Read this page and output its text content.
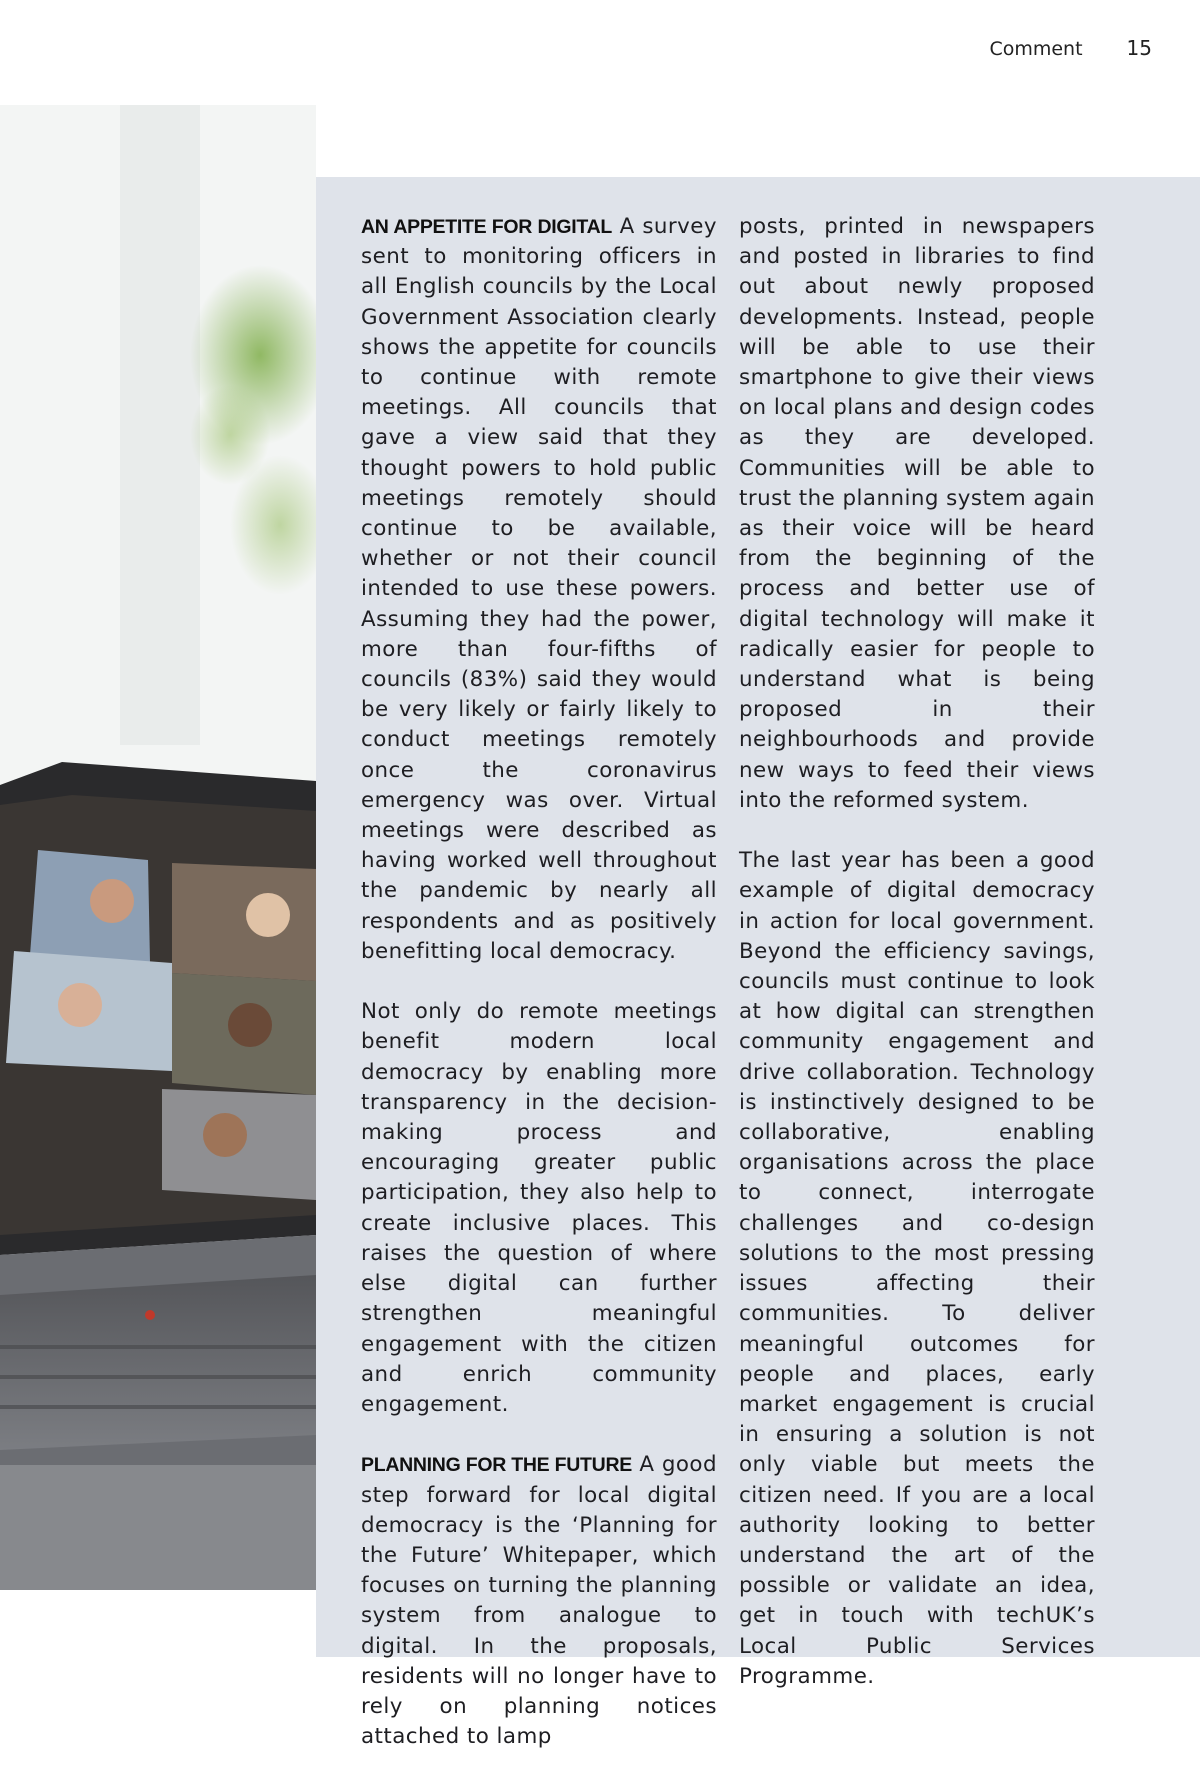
Comment 15

AN APPETITE FOR DIGITAL A survey sent to monitoring officers in all English councils by the Local Government Association clearly shows the appetite for councils to continue with remote meetings. All councils that gave a view said that they thought powers to hold public meetings remotely should continue to be available, whether or not their council intended to use these powers. Assuming they had the power, more than four-fifths of councils (83%) said they would be very likely or fairly likely to conduct meetings remotely once the coronavirus emergency was over. Virtual meetings were described as having worked well throughout the pandemic by nearly all respondents and as positively benefitting local democracy.

Not only do remote meetings benefit modern local democracy by enabling more transparency in the decision-making process and encouraging greater public participation, they also help to create inclusive places. This raises the question of where else digital can further strengthen meaningful engagement with the citizen and enrich community engagement.

PLANNING FOR THE FUTURE A good step forward for local digital democracy is the ‘Planning for the Future’ Whitepaper, which focuses on turning the planning system from analogue to digital. In the proposals, residents will no longer have to rely on planning notices attached to lamp

posts, printed in newspapers and posted in libraries to find out about newly proposed developments. Instead, people will be able to use their smartphone to give their views on local plans and design codes as they are developed. Communities will be able to trust the planning system again as their voice will be heard from the beginning of the process and better use of digital technology will make it radically easier for people to understand what is being proposed in their neighbourhoods and provide new ways to feed their views into the reformed system.

The last year has been a good example of digital democracy in action for local government. Beyond the efficiency savings, councils must continue to look at how digital can strengthen community engagement and drive collaboration. Technology is instinctively designed to be collaborative, enabling organisations across the place to connect, interrogate challenges and co-design solutions to the most pressing issues affecting their communities. To deliver meaningful outcomes for people and places, early market engagement is crucial in ensuring a solution is not only viable but meets the citizen need. If you are a local authority looking to better understand the art of the possible or validate an idea, get in touch with techUK’s Local Public Services Programme.
